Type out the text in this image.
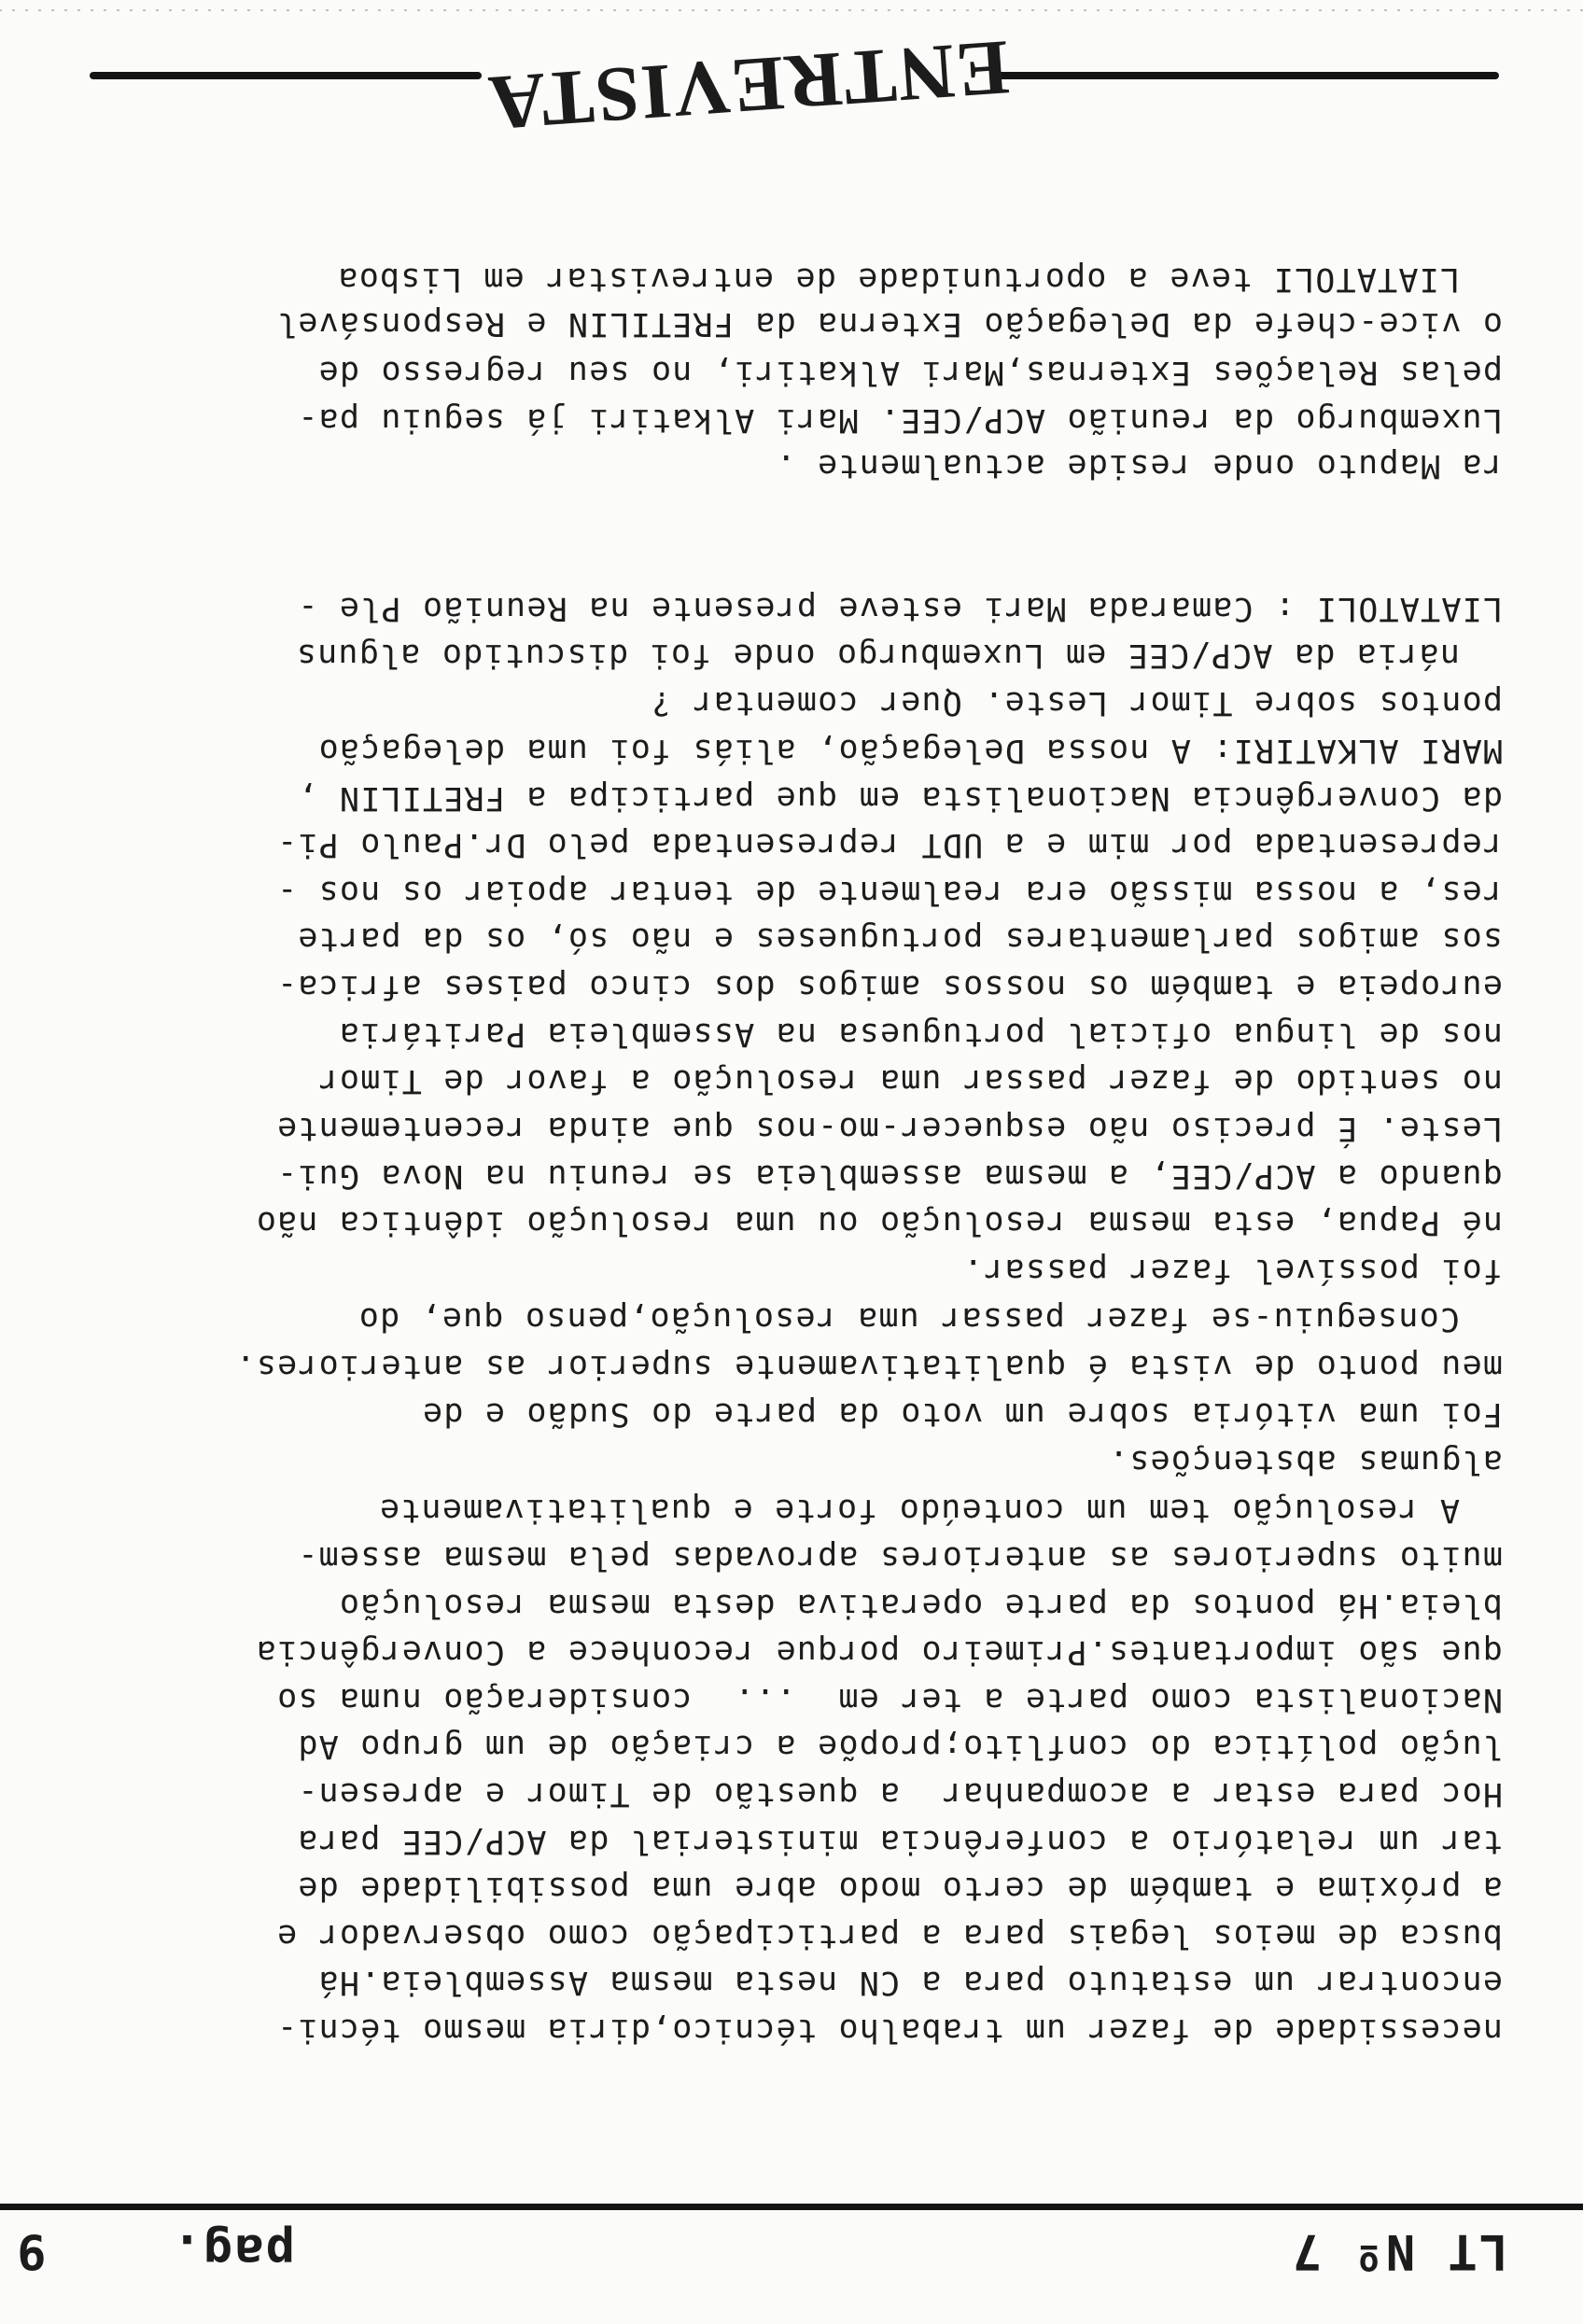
LT Nº 7
pag.    9
LIATATOLI teve a oportunidade de entrevistar em Lisboa
o vice-chefe da Delegação Externa da FRETILIN e Responsável
pelas Relações Externas,Mari Alkatiri, no seu regresso de
Luxemburgo da reunião ACP/CEE. Mari Alkatiri já seguiu pa-
ra Maputo onde reside actualmente .
LIATATOLI : Camarada Mari esteve presente na Reunião Ple -
nária da ACP/CEE em Luxemburgo onde foi discutido alguns
pontos sobre Timor Leste. Quer comentar ?
MARI ALKATIRI: A nossa Delegação, aliás foi uma delegação
da Convergência Nacionalista em que participa a FRETILIN ,
representada por mim e a UDT representada pelo Dr.Paulo Pi-
res, a nossa missão era realmente de tentar apoiar os nos -
sos amigos parlamentares portugueses e não só, os da parte
europeia e também os nossos amigos dos cinco paises africa-
nos de lingua oficial portuguesa na Assembleia Paritária
no sentido de fazer passar uma resolução a favor de Timor
Leste. É preciso não esquecer-mo-nos que ainda recentemente
quando a ACP/CEE, a mesma assembleia se reuniu na Nova Gui-
né Papua, esta mesma resolução ou uma resolução idêntica não
foi possível fazer passar.
Conseguiu-se fazer passar uma resolução,penso que, do
meu ponto de vista é qualitativamente superior as anteriores.
Foi uma vitória sobre um voto da parte do Sudão e de
algumas abstenções.
A resolução tem um conteúdo forte e qualitativamente
muito superiores as anteriores aprovadas pela mesma assem-
bleia.Há pontos da parte operativa desta mesma resolução
que são importantes.Primeiro porque reconhece a Convergência
Nacionalista como parte a ter em  ...  consideração numa so
lução política do conflito;propõe a criação de um grupo Ad
Hoc para estar a acompanhar  a questão de Timor e apresen-
tar um relatório a conferência ministerial da ACP/CEE para
a próxima e também de certo modo abre uma possibilidade de
busca de meios legais para a participação como observador e
encontrar um estatuto para a CN nesta mesma Assembleia.Há
necessidade de fazer um trabalho técnico,diria mesmo técni-
ENTREVISTA
